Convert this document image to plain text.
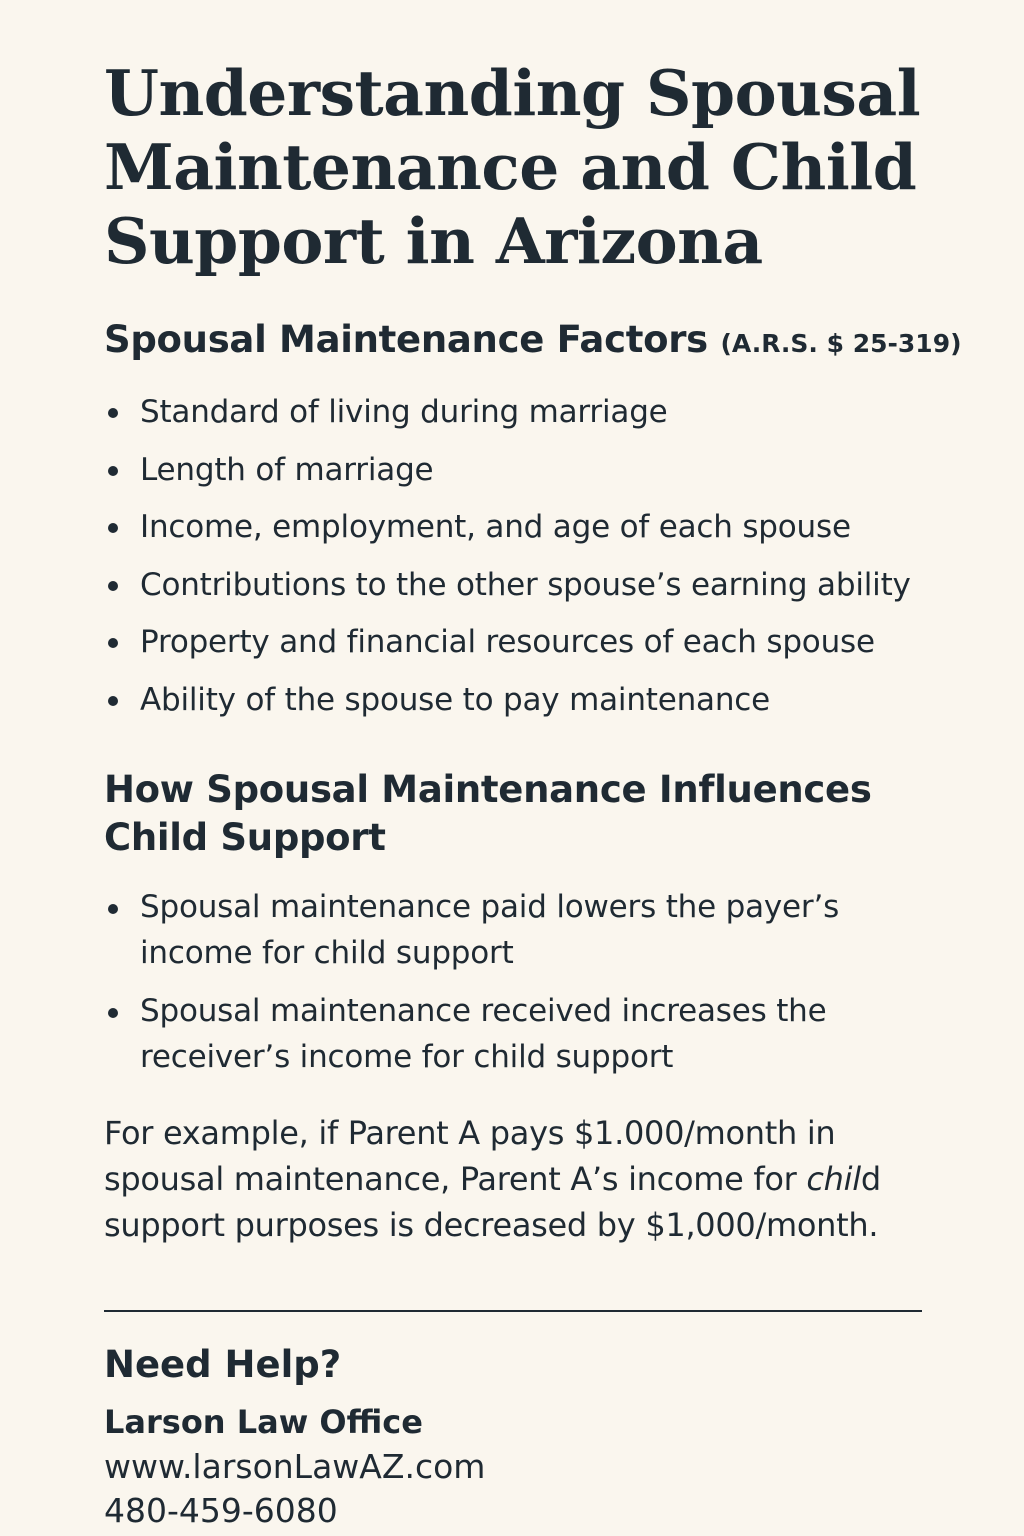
Understanding Spousal Maintenance and Child Support in Arizona
Spousal Maintenance Factors (A.R.S. $ 25-319)
Standard of living during marriage
Length of marriage
Income, employment, and age of each spouse
Contributions to the other spouse’s earning ability
Property and financial resources of each spouse
Ability of the spouse to pay maintenance
How Spousal Maintenance Influences Child Support
Spousal maintenance paid lowers the payer’s income for child support
Spousal maintenance received increases the receiver’s income for child support

For example, if Parent A pays $1.000/month in spousal maintenance, Parent A’s income for child support purposes is decreased by $1,000/month.

Need Help?
Larson Law Office
www.larsonLawAZ.com
480-459-6080
